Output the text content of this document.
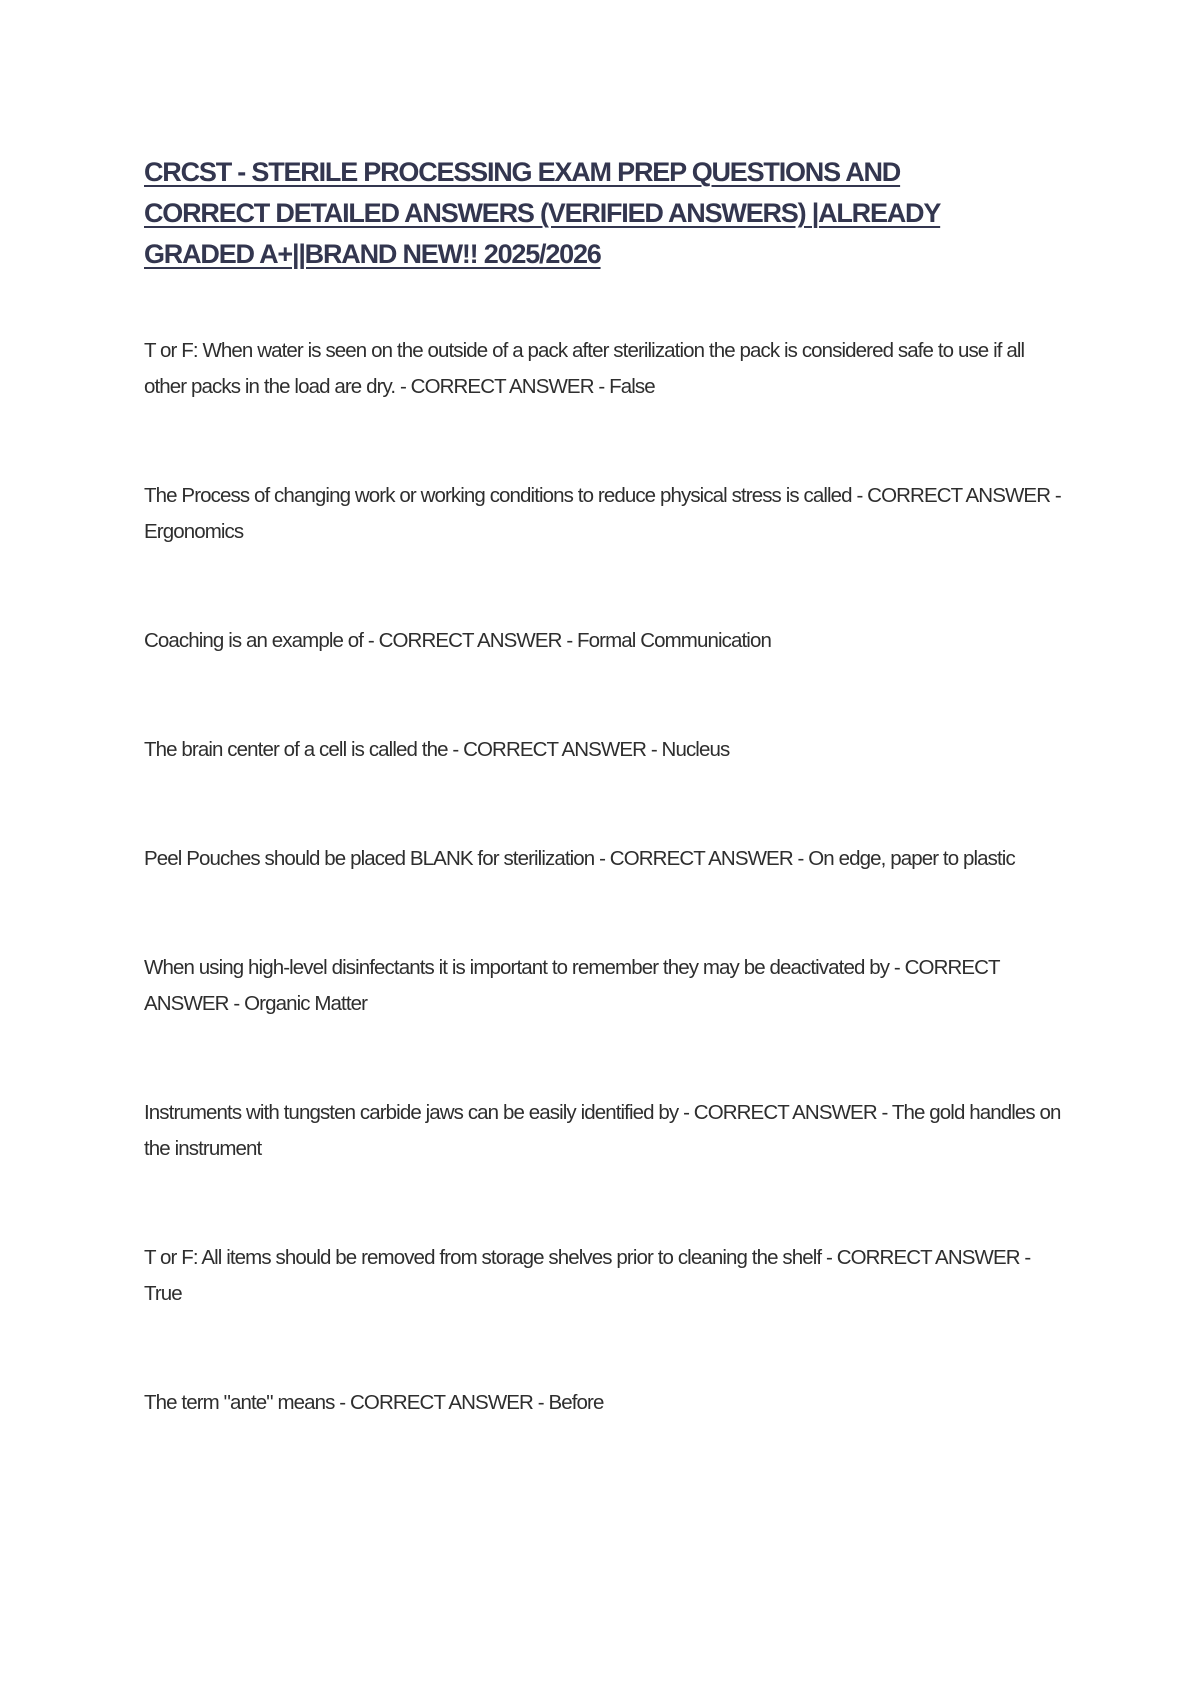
CRCST - STERILE PROCESSING EXAM PREP QUESTIONS AND
CORRECT DETAILED ANSWERS (VERIFIED ANSWERS) |ALREADY
GRADED A+||BRAND NEW!! 2025/2026
T or F: When water is seen on the outside of a pack after sterilization the pack is considered safe to use if all other packs in the load are dry. - CORRECT ANSWER - False
The Process of changing work or working conditions to reduce physical stress is called - CORRECT ANSWER - Ergonomics
Coaching is an example of - CORRECT ANSWER - Formal Communication
The brain center of a cell is called the - CORRECT ANSWER - Nucleus
Peel Pouches should be placed BLANK for sterilization - CORRECT ANSWER - On edge, paper to plastic
When using high-level disinfectants it is important to remember they may be deactivated by - CORRECT ANSWER - Organic Matter
Instruments with tungsten carbide jaws can be easily identified by - CORRECT ANSWER - The gold handles on the instrument
T or F: All items should be removed from storage shelves prior to cleaning the shelf - CORRECT ANSWER - True
The term "ante" means - CORRECT ANSWER - Before
